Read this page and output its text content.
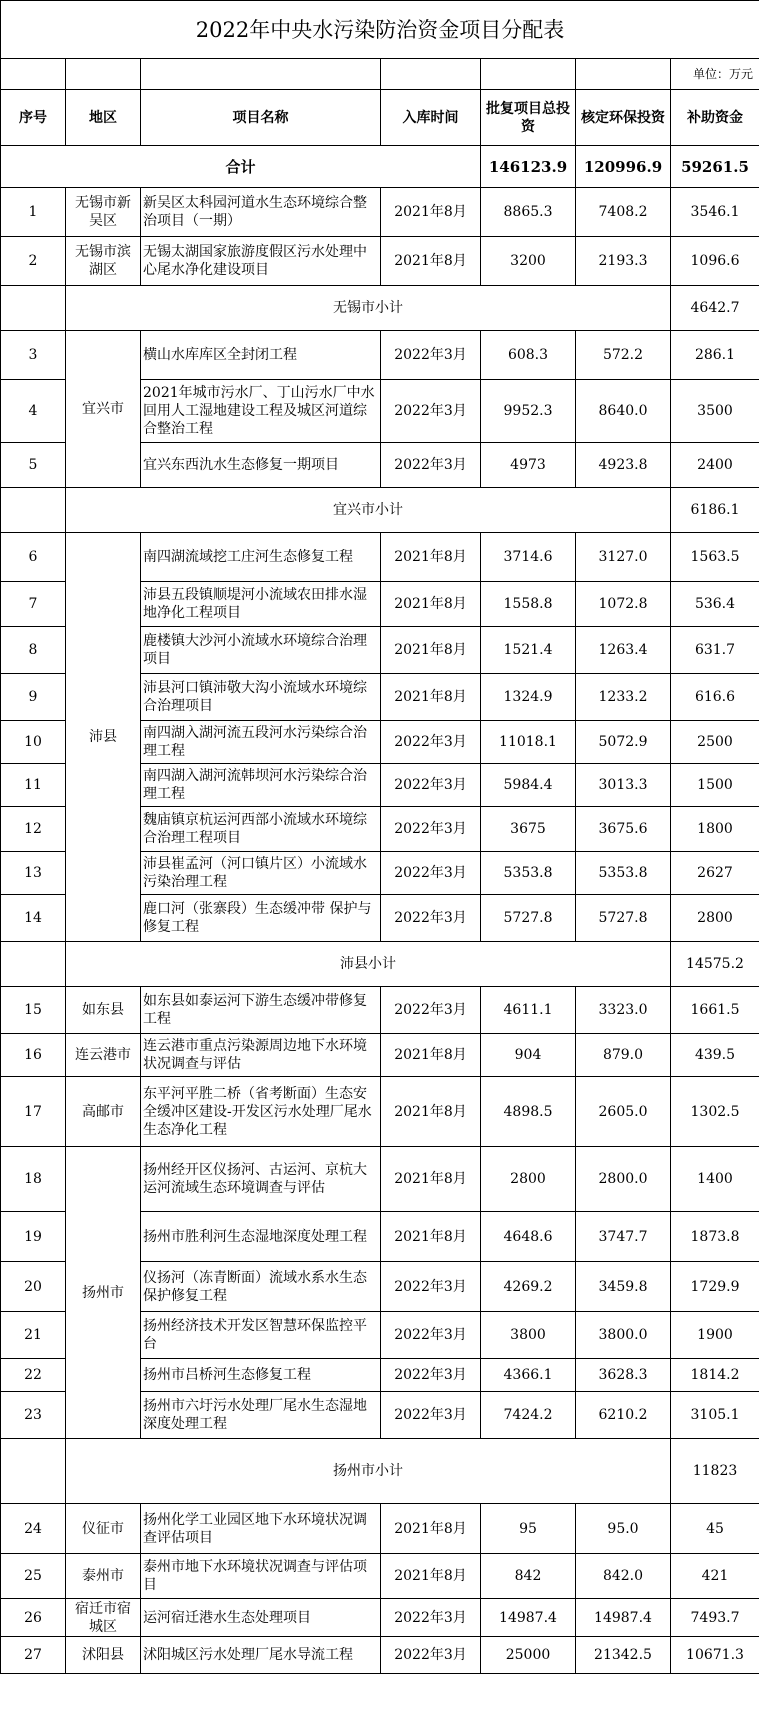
2022年中央水污染防治资金项目分配表						
						单位：万元
序号	地区	项目名称	入库时间	批复项目总投资	核定环保投资	补助资金
合计				146123.9	120996.9	59261.5
1	无锡市新吴区	新吴区太科园河道水生态环境综合整治项目（一期）	2021年8月	8865.3	7408.2	3546.1
2	无锡市滨湖区	无锡太湖国家旅游度假区污水处理中心尾水净化建设项目	2021年8月	3200	2193.3	1096.6
	无锡市小计					4642.7
3	宜兴市	横山水库库区全封闭工程	2022年3月	608.3	572.2	286.1
4		2021年城市污水厂、丁山污水厂中水回用人工湿地建设工程及城区河道综合整治工程	2022年3月	9952.3	8640.0	3500
5		宜兴东西氿水生态修复一期项目	2022年3月	4973	4923.8	2400
	宜兴市小计					6186.1
6	沛县	南四湖流域挖工庄河生态修复工程	2021年8月	3714.6	3127.0	1563.5
7		沛县五段镇顺堤河小流域农田排水湿地净化工程项目	2021年8月	1558.8	1072.8	536.4
8		鹿楼镇大沙河小流域水环境综合治理项目	2021年8月	1521.4	1263.4	631.7
9		沛县河口镇沛敬大沟小流域水环境综合治理项目	2021年8月	1324.9	1233.2	616.6
10		南四湖入湖河流五段河水污染综合治理工程	2022年3月	11018.1	5072.9	2500
11		南四湖入湖河流韩坝河水污染综合治理工程	2022年3月	5984.4	3013.3	1500
12		魏庙镇京杭运河西部小流域水环境综合治理工程项目	2022年3月	3675	3675.6	1800
13		沛县崔孟河（河口镇片区）小流域水污染治理工程	2022年3月	5353.8	5353.8	2627
14		鹿口河（张寨段）生态缓冲带 保护与修复工程	2022年3月	5727.8	5727.8	2800
	沛县小计					14575.2
15	如东县	如东县如泰运河下游生态缓冲带修复工程	2022年3月	4611.1	3323.0	1661.5
16	连云港市	连云港市重点污染源周边地下水环境状况调查与评估	2021年8月	904	879.0	439.5
17	高邮市	东平河平胜二桥（省考断面）生态安全缓冲区建设-开发区污水处理厂尾水生态净化工程	2021年8月	4898.5	2605.0	1302.5
18	扬州市	扬州经开区仪扬河、古运河、京杭大运河流域生态环境调查与评估	2021年8月	2800	2800.0	1400
19		扬州市胜利河生态湿地深度处理工程	2021年8月	4648.6	3747.7	1873.8
20		仪扬河（冻青断面）流域水系水生态保护修复工程	2022年3月	4269.2	3459.8	1729.9
21		扬州经济技术开发区智慧环保监控平台	2022年3月	3800	3800.0	1900
22		扬州市吕桥河生态修复工程	2022年3月	4366.1	3628.3	1814.2
23		扬州市六圩污水处理厂尾水生态湿地深度处理工程	2022年3月	7424.2	6210.2	3105.1
	扬州市小计					11823
24	仪征市	扬州化学工业园区地下水环境状况调查评估项目	2021年8月	95	95.0	45
25	泰州市	泰州市地下水环境状况调查与评估项目	2021年8月	842	842.0	421
26	宿迁市宿城区	运河宿迁港水生态处理项目	2022年3月	14987.4	14987.4	7493.7
27	沭阳县	沭阳城区污水处理厂尾水导流工程	2022年3月	25000	21342.5	10671.3
